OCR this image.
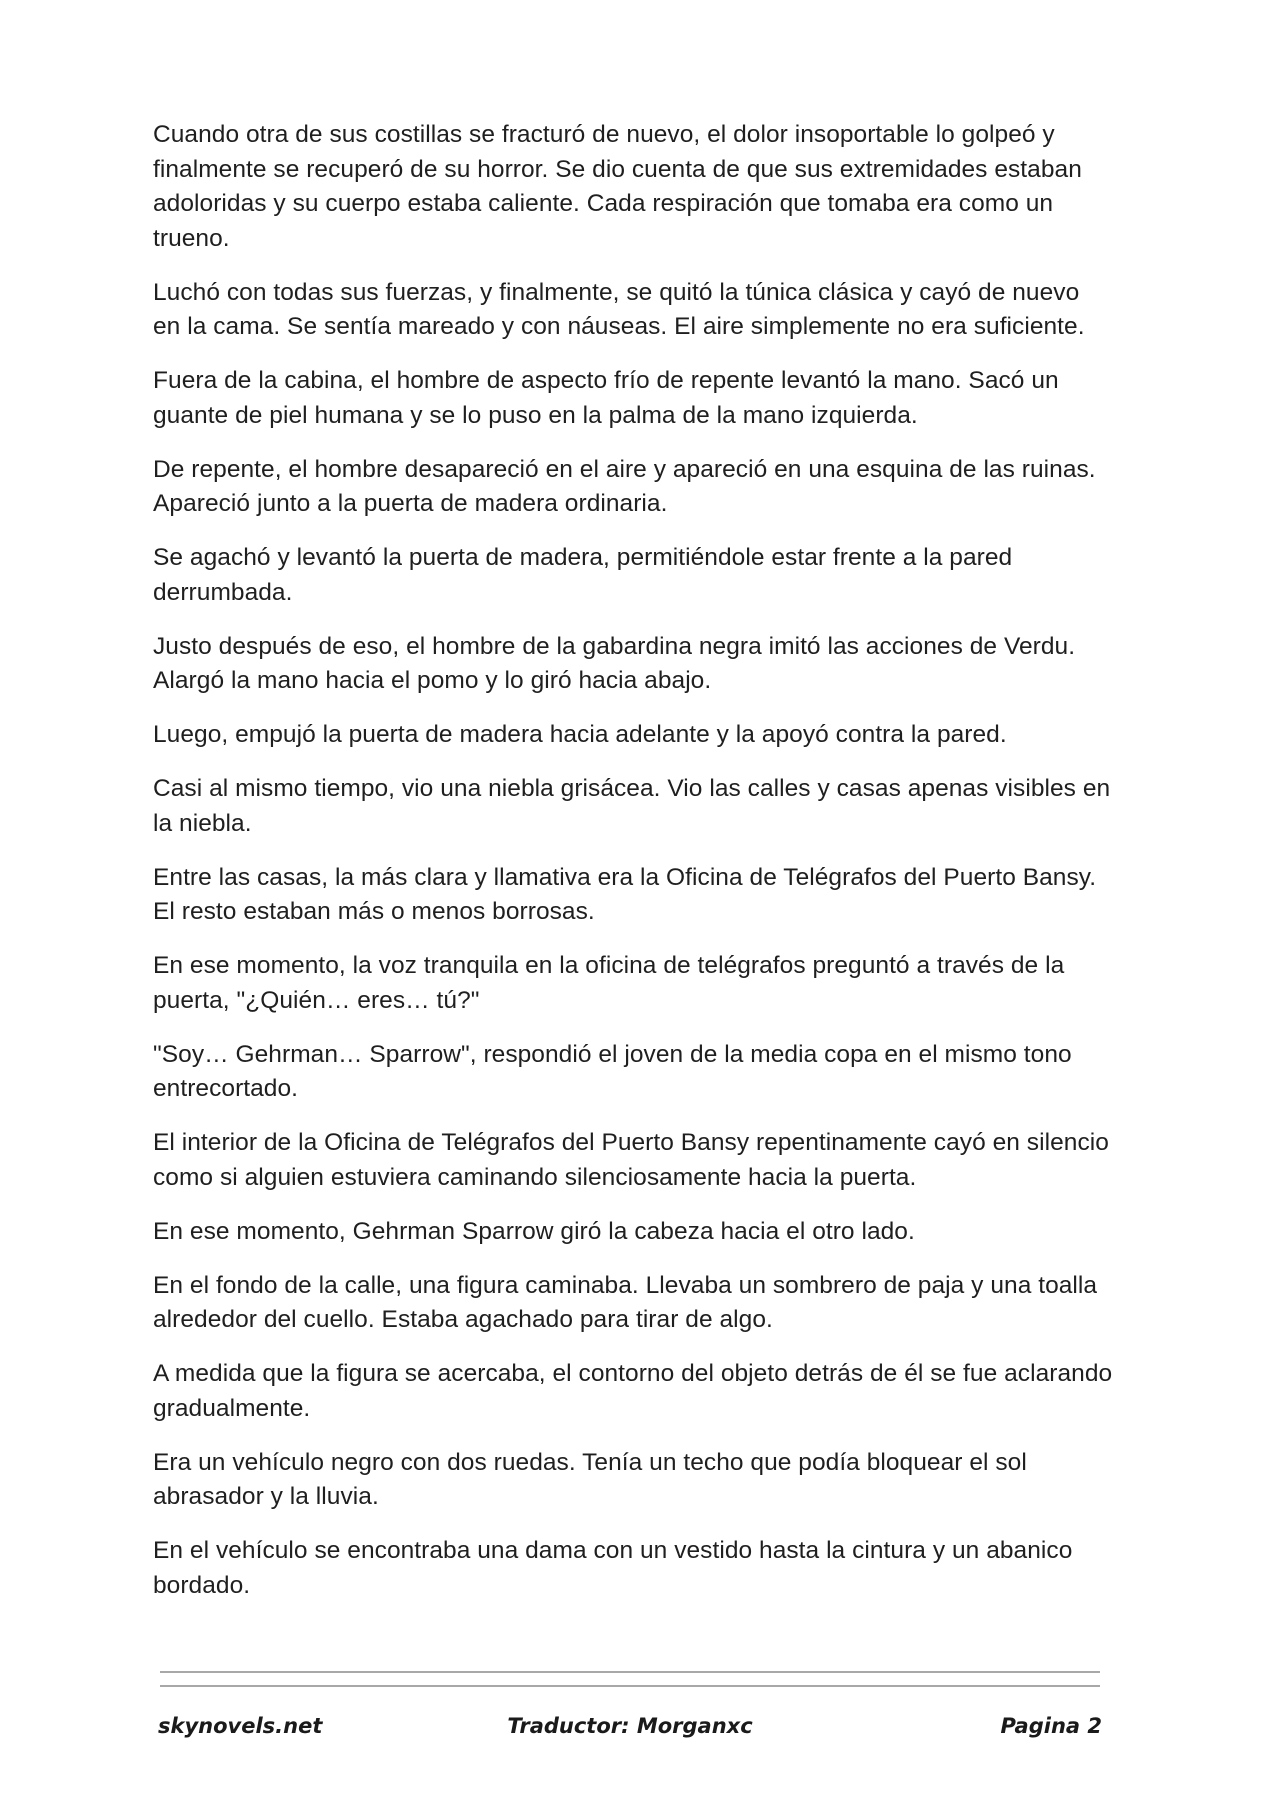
Cuando otra de sus costillas se fracturó de nuevo, el dolor insoportable lo golpeó y finalmente se recuperó de su horror. Se dio cuenta de que sus extremidades estaban adoloridas y su cuerpo estaba caliente. Cada respiración que tomaba era como un trueno.

Luchó con todas sus fuerzas, y finalmente, se quitó la túnica clásica y cayó de nuevo en la cama. Se sentía mareado y con náuseas. El aire simplemente no era suficiente.

Fuera de la cabina, el hombre de aspecto frío de repente levantó la mano. Sacó un guante de piel humana y se lo puso en la palma de la mano izquierda.

De repente, el hombre desapareció en el aire y apareció en una esquina de las ruinas. Apareció junto a la puerta de madera ordinaria.

Se agachó y levantó la puerta de madera, permitiéndole estar frente a la pared derrumbada.

Justo después de eso, el hombre de la gabardina negra imitó las acciones de Verdu. Alargó la mano hacia el pomo y lo giró hacia abajo.

Luego, empujó la puerta de madera hacia adelante y la apoyó contra la pared.

Casi al mismo tiempo, vio una niebla grisácea. Vio las calles y casas apenas visibles en la niebla.

Entre las casas, la más clara y llamativa era la Oficina de Telégrafos del Puerto Bansy. El resto estaban más o menos borrosas.

En ese momento, la voz tranquila en la oficina de telégrafos preguntó a través de la puerta, "¿Quién… eres… tú?"

"Soy… Gehrman… Sparrow", respondió el joven de la media copa en el mismo tono entrecortado.

El interior de la Oficina de Telégrafos del Puerto Bansy repentinamente cayó en silencio como si alguien estuviera caminando silenciosamente hacia la puerta.

En ese momento, Gehrman Sparrow giró la cabeza hacia el otro lado.

En el fondo de la calle, una figura caminaba. Llevaba un sombrero de paja y una toalla alrededor del cuello. Estaba agachado para tirar de algo.

A medida que la figura se acercaba, el contorno del objeto detrás de él se fue aclarando gradualmente.

Era un vehículo negro con dos ruedas. Tenía un techo que podía bloquear el sol abrasador y la lluvia.

En el vehículo se encontraba una dama con un vestido hasta la cintura y un abanico bordado.

skynovels.net	Traductor: Morganxc	Pagina 2
